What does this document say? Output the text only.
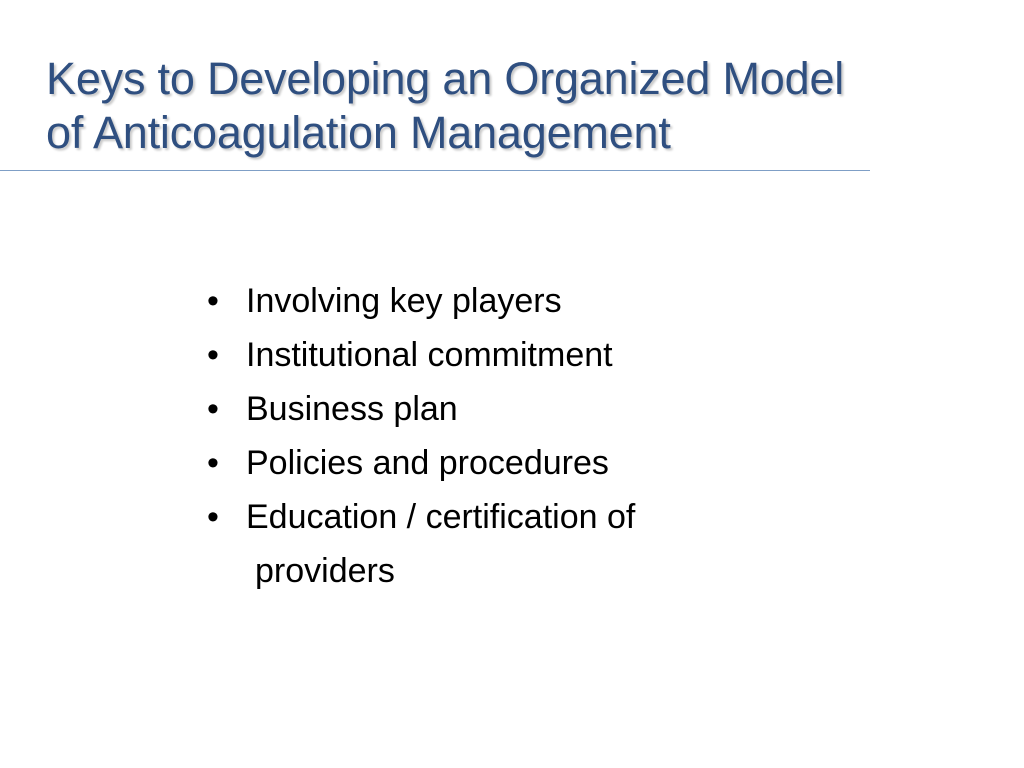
Keys to Developing an Organized Model
of Anticoagulation Management
• Involving key players
• Institutional commitment
• Business plan
• Policies and procedures
• Education / certification of
providers
